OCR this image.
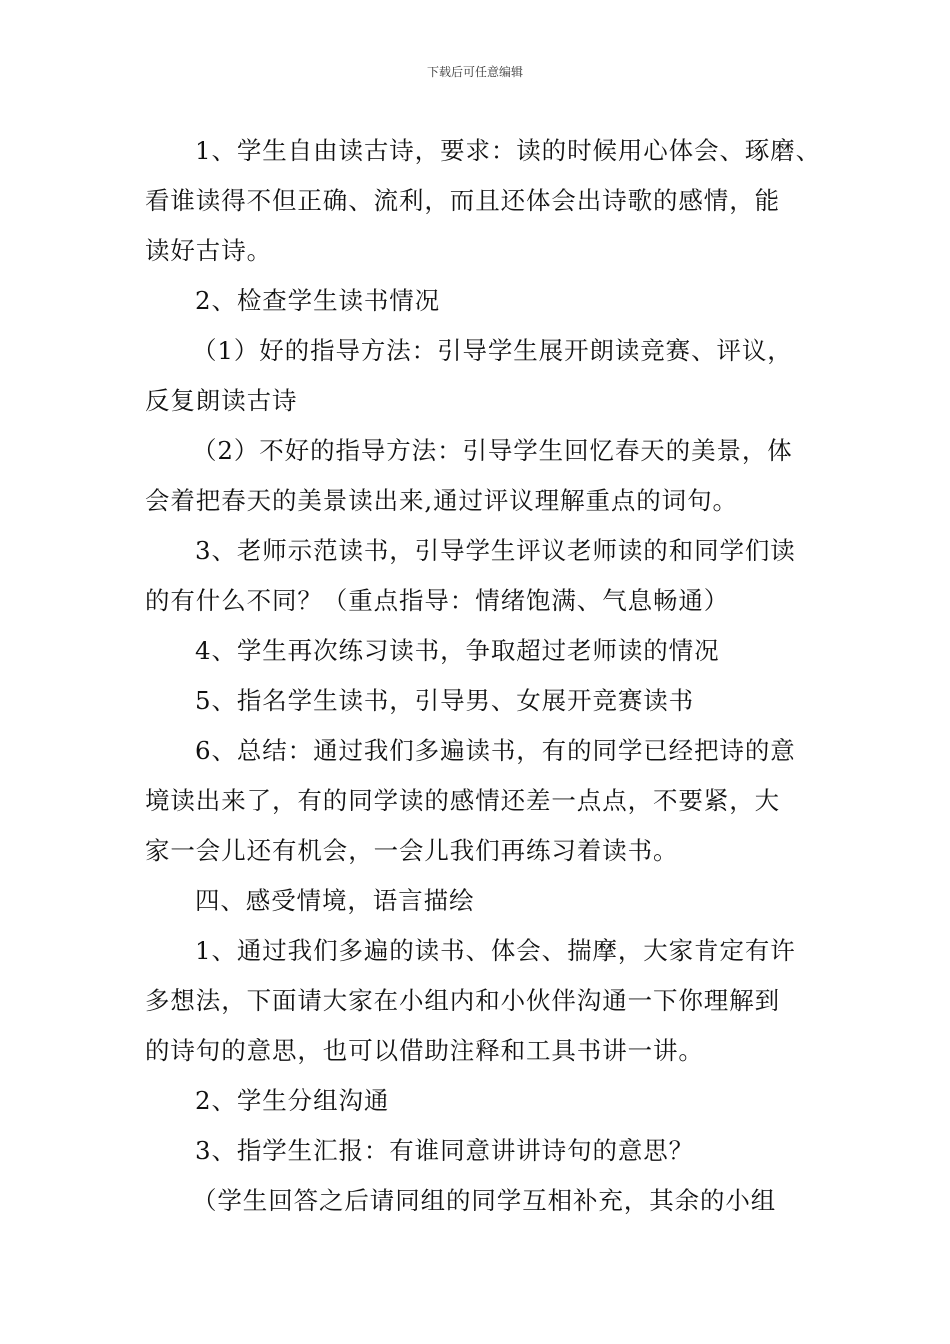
下载后可任意编辑

1、学生自由读古诗，要求：读的时候用心体会、琢磨、
看谁读得不但正确、流利，而且还体会出诗歌的感情，能
读好古诗。

2、检查学生读书情况

（1）好的指导方法：引导学生展开朗读竞赛、评议，
反复朗读古诗

（2）不好的指导方法：引导学生回忆春天的美景，体
会着把春天的美景读出来,通过评议理解重点的词句。

3、老师示范读书，引导学生评议老师读的和同学们读
的有什么不同？（重点指导：情绪饱满、气息畅通）

4、学生再次练习读书，争取超过老师读的情况

5、指名学生读书，引导男、女展开竞赛读书

6、总结：通过我们多遍读书，有的同学已经把诗的意
境读出来了，有的同学读的感情还差一点点，不要紧，大
家一会儿还有机会，一会儿我们再练习着读书。

四、感受情境，语言描绘

1、通过我们多遍的读书、体会、揣摩，大家肯定有许
多想法，下面请大家在小组内和小伙伴沟通一下你理解到
的诗句的意思，也可以借助注释和工具书讲一讲。

2、学生分组沟通

3、指学生汇报：有谁同意讲讲诗句的意思？

（学生回答之后请同组的同学互相补充，其余的小组
